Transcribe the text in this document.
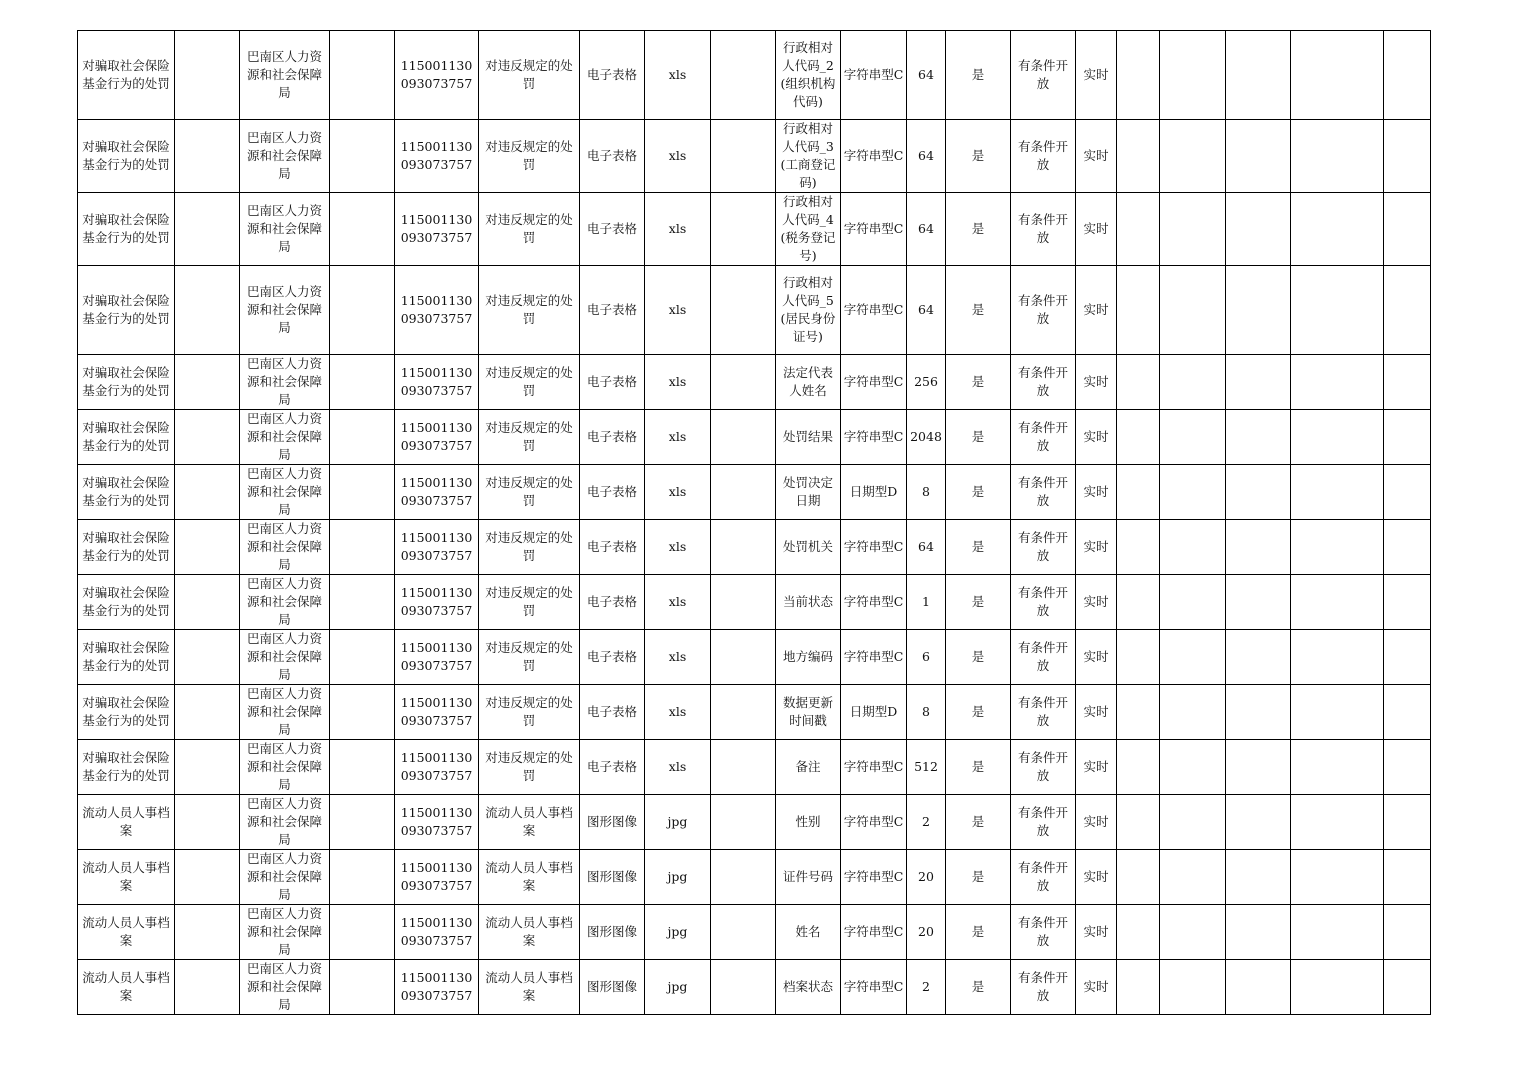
对骗取社会保险基金行为的处罚		巴南区人力资源和社会保障局		115001130093073757	对违反规定的处罚	电子表格	xls		行政相对人代码_2(组织机构代码)	字符串型C	64	是	有条件开放	实时					
对骗取社会保险基金行为的处罚		巴南区人力资源和社会保障局		115001130093073757	对违反规定的处罚	电子表格	xls		行政相对人代码_3(工商登记码)	字符串型C	64	是	有条件开放	实时					
对骗取社会保险基金行为的处罚		巴南区人力资源和社会保障局		115001130093073757	对违反规定的处罚	电子表格	xls		行政相对人代码_4(税务登记号)	字符串型C	64	是	有条件开放	实时					
对骗取社会保险基金行为的处罚		巴南区人力资源和社会保障局		115001130093073757	对违反规定的处罚	电子表格	xls		行政相对人代码_5(居民身份证号)	字符串型C	64	是	有条件开放	实时					
对骗取社会保险基金行为的处罚		巴南区人力资源和社会保障局		115001130093073757	对违反规定的处罚	电子表格	xls		法定代表人姓名	字符串型C	256	是	有条件开放	实时					
对骗取社会保险基金行为的处罚		巴南区人力资源和社会保障局		115001130093073757	对违反规定的处罚	电子表格	xls		处罚结果	字符串型C	2048	是	有条件开放	实时					
对骗取社会保险基金行为的处罚		巴南区人力资源和社会保障局		115001130093073757	对违反规定的处罚	电子表格	xls		处罚决定日期	日期型D	8	是	有条件开放	实时					
对骗取社会保险基金行为的处罚		巴南区人力资源和社会保障局		115001130093073757	对违反规定的处罚	电子表格	xls		处罚机关	字符串型C	64	是	有条件开放	实时					
对骗取社会保险基金行为的处罚		巴南区人力资源和社会保障局		115001130093073757	对违反规定的处罚	电子表格	xls		当前状态	字符串型C	1	是	有条件开放	实时					
对骗取社会保险基金行为的处罚		巴南区人力资源和社会保障局		115001130093073757	对违反规定的处罚	电子表格	xls		地方编码	字符串型C	6	是	有条件开放	实时					
对骗取社会保险基金行为的处罚		巴南区人力资源和社会保障局		115001130093073757	对违反规定的处罚	电子表格	xls		数据更新时间戳	日期型D	8	是	有条件开放	实时					
对骗取社会保险基金行为的处罚		巴南区人力资源和社会保障局		115001130093073757	对违反规定的处罚	电子表格	xls		备注	字符串型C	512	是	有条件开放	实时					
流动人员人事档案		巴南区人力资源和社会保障局		115001130093073757	流动人员人事档案	图形图像	jpg		性别	字符串型C	2	是	有条件开放	实时					
流动人员人事档案		巴南区人力资源和社会保障局		115001130093073757	流动人员人事档案	图形图像	jpg		证件号码	字符串型C	20	是	有条件开放	实时					
流动人员人事档案		巴南区人力资源和社会保障局		115001130093073757	流动人员人事档案	图形图像	jpg		姓名	字符串型C	20	是	有条件开放	实时					
流动人员人事档案		巴南区人力资源和社会保障局		115001130093073757	流动人员人事档案	图形图像	jpg		档案状态	字符串型C	2	是	有条件开放	实时					
